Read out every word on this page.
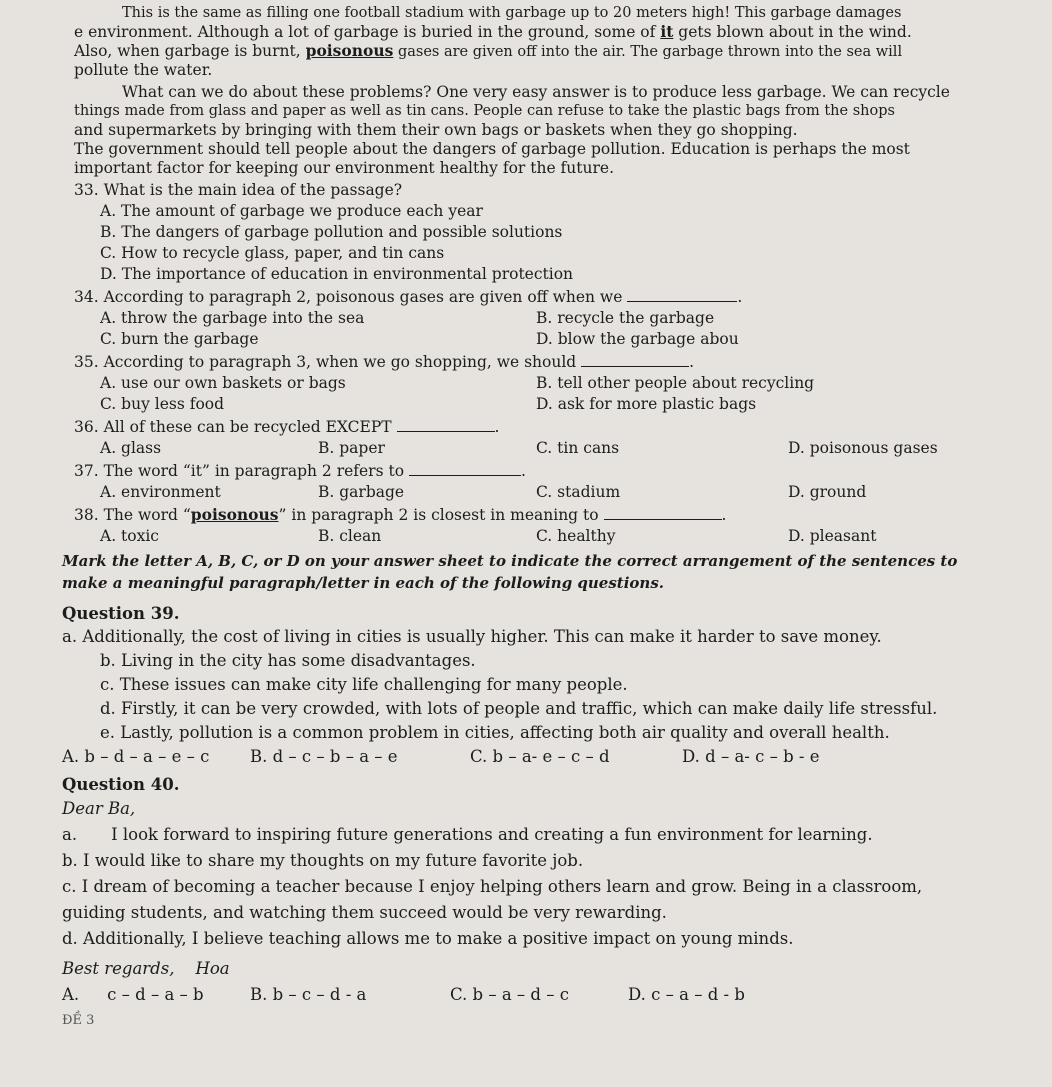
This is the same as filling one football stadium with garbage up to 20 meters high! This garbage damages
e environment. Although a lot of garbage is buried in the ground, some of it gets blown about in the wind.
Also, when garbage is burnt, poisonous gases are given off into the air. The garbage thrown into the sea will
pollute the water.
What can we do about these problems? One very easy answer is to produce less garbage. We can recycle
things made from glass and paper as well as tin cans. People can refuse to take the plastic bags from the shops
and supermarkets by bringing with them their own bags or baskets when they go shopping.
The government should tell people about the dangers of garbage pollution. Education is perhaps the most
important factor for keeping our environment healthy for the future.
33. What is the main idea of the passage?
A. The amount of garbage we produce each year
B. The dangers of garbage pollution and possible solutions
C. How to recycle glass, paper, and tin cans
D. The importance of education in environmental protection
34. According to paragraph 2, poisonous gases are given off when we	.
A. throw the garbage into the sea	B. recycle the garbage
C. burn the garbage	D. blow the garbage abou
35. According to paragraph 3, when we go shopping, we should	.
A. use our own baskets or bags	B. tell other people about recycling
C. buy less food	D. ask for more plastic bags
36. All of these can be recycled EXCEPT	.
A. glass	B. paper	C. tin cans	D. poisonous gases
37. The word “it” in paragraph 2 refers to	.
A. environment	B. garbage	C. stadium	D. ground
38. The word “poisonous” in paragraph 2 is closest in meaning to	.
A. toxic	B. clean	C. healthy	D. pleasant
Mark the letter A, B, C, or D on your answer sheet to indicate the correct arrangement of the sentences to
make a meaningful paragraph/letter in each of the following questions.
Question 39.
a. Additionally, the cost of living in cities is usually higher. This can make it harder to save money.
b. Living in the city has some disadvantages.
c. These issues can make city life challenging for many people.
d. Firstly, it can be very crowded, with lots of people and traffic, which can make daily life stressful.
e. Lastly, pollution is a common problem in cities, affecting both air quality and overall health.
A. b – d – a – e – c B. d – c – b – a – e	C. b – a- e – c – d	D. d – a- c – b - e
Question 40.
Dear Ba,
a. I look forward to inspiring future generations and creating a fun environment for learning.
b. I would like to share my thoughts on my future favorite job.
c. I dream of becoming a teacher because I enjoy helping others learn and grow. Being in a classroom,
guiding students, and watching them succeed would be very rewarding.
d. Additionally, I believe teaching allows me to make a positive impact on young minds.
Best regards, Hoa
A. c – d – a – b	B. b – c – d - a	C. b – a – d – c	D. c – a – d - b
ĐỀ 3
